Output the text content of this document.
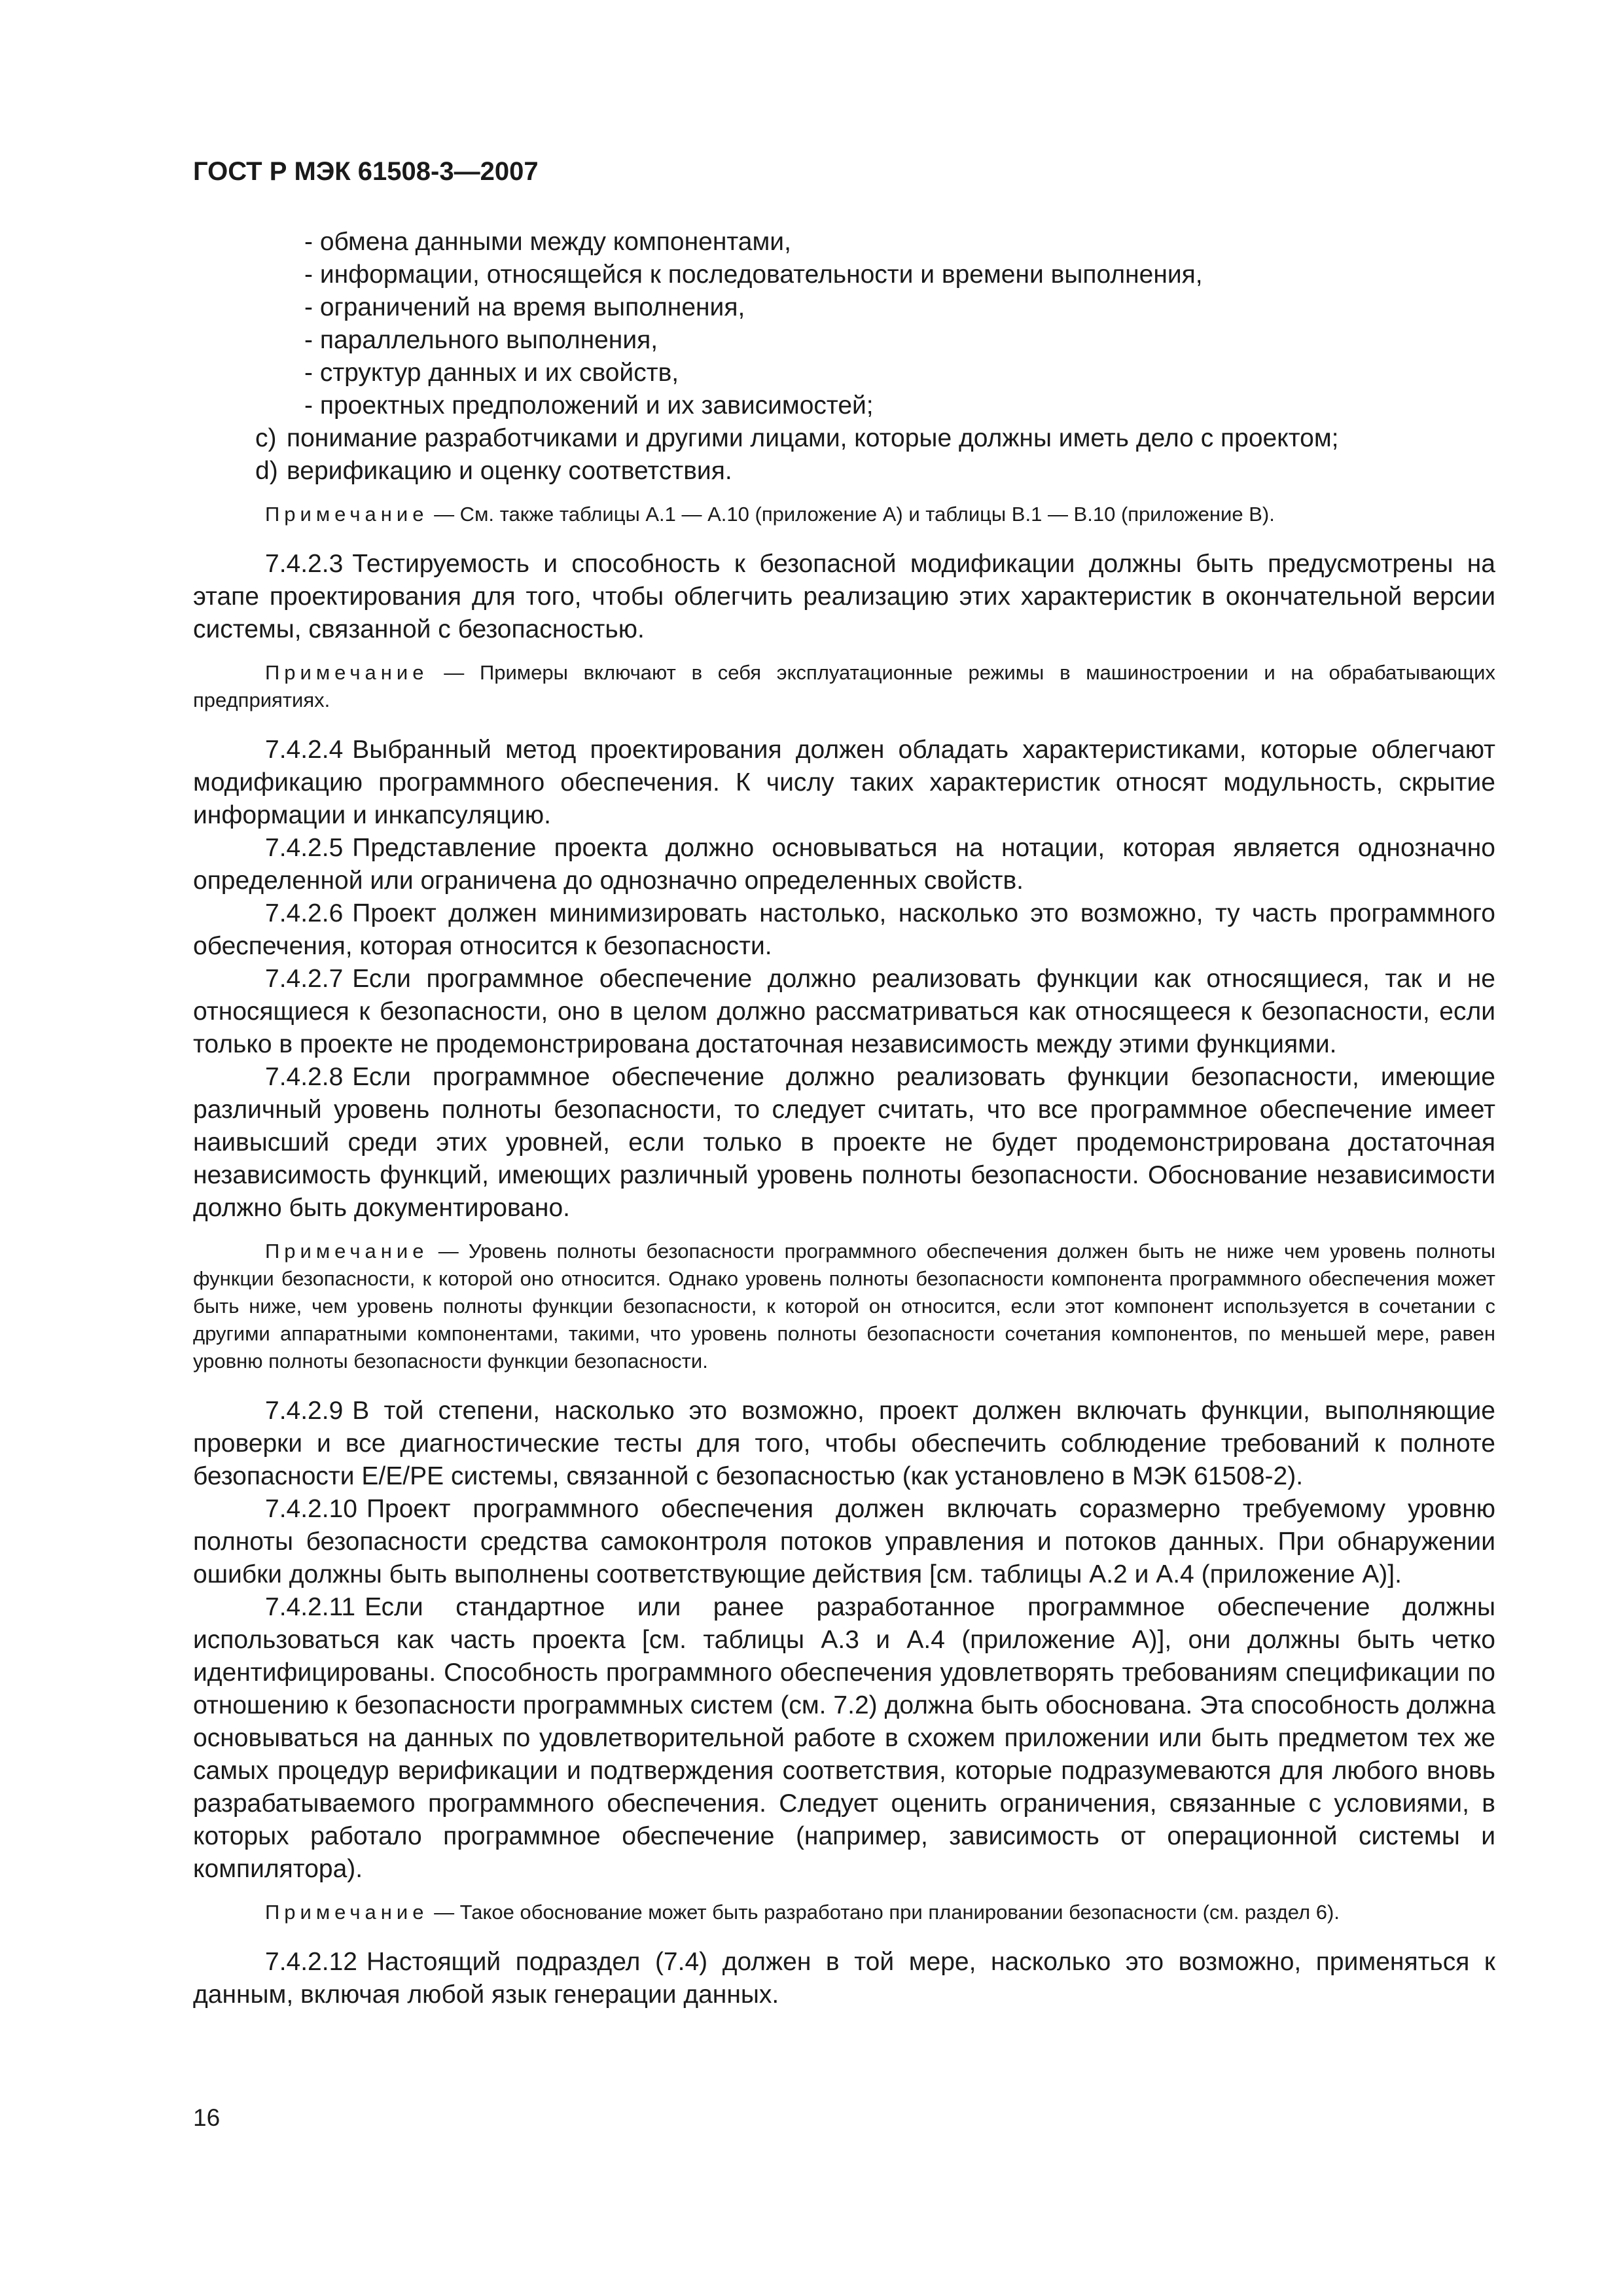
ГОСТ Р МЭК 61508-3—2007
- обмена данными между компонентами,
- информации, относящейся к последовательности и времени выполнения,
- ограничений на время выполнения,
- параллельного выполнения,
- структур данных и их свойств,
- проектных предположений и их зависимостей;
c) понимание разработчиками и другими лицами, которые должны иметь дело с проектом;
d) верификацию и оценку соответствия.

Примечание — См. также таблицы А.1 — А.10 (приложение А) и таблицы В.1 — В.10 (приложение В).

7.4.2.3 Тестируемость и способность к безопасной модификации должны быть предусмотрены на этапе проектирования для того, чтобы облегчить реализацию этих характеристик в окончательной версии системы, связанной с безопасностью.

Примечание — Примеры включают в себя эксплуатационные режимы в машиностроении и на обрабатывающих предприятиях.

7.4.2.4 Выбранный метод проектирования должен обладать характеристиками, которые облегчают модификацию программного обеспечения. К числу таких характеристик относят модульность, скрытие информации и инкапсуляцию.

7.4.2.5 Представление проекта должно основываться на нотации, которая является однозначно определенной или ограничена до однозначно определенных свойств.

7.4.2.6 Проект должен минимизировать настолько, насколько это возможно, ту часть программного обеспечения, которая относится к безопасности.

7.4.2.7 Если программное обеспечение должно реализовать функции как относящиеся, так и не относящиеся к безопасности, оно в целом должно рассматриваться как относящееся к безопасности, если только в проекте не продемонстрирована достаточная независимость между этими функциями.

7.4.2.8 Если программное обеспечение должно реализовать функции безопасности, имеющие различный уровень полноты безопасности, то следует считать, что все программное обеспечение имеет наивысший среди этих уровней, если только в проекте не будет продемонстрирована достаточная независимость функций, имеющих различный уровень полноты безопасности. Обоснование независимости должно быть документировано.

Примечание — Уровень полноты безопасности программного обеспечения должен быть не ниже чем уровень полноты функции безопасности, к которой оно относится. Однако уровень полноты безопасности компонента программного обеспечения может быть ниже, чем уровень полноты функции безопасности, к которой он относится, если этот компонент используется в сочетании с другими аппаратными компонентами, такими, что уровень полноты безопасности сочетания компонентов, по меньшей мере, равен уровню полноты безопасности функции безопасности.

7.4.2.9 В той степени, насколько это возможно, проект должен включать функции, выполняющие проверки и все диагностические тесты для того, чтобы обеспечить соблюдение требований к полноте безопасности Е/Е/РЕ системы, связанной с безопасностью (как установлено в МЭК 61508-2).

7.4.2.10 Проект программного обеспечения должен включать соразмерно требуемому уровню полноты безопасности средства самоконтроля потоков управления и потоков данных. При обнаружении ошибки должны быть выполнены соответствующие действия [см. таблицы А.2 и А.4 (приложение А)].

7.4.2.11 Если стандартное или ранее разработанное программное обеспечение должны использоваться как часть проекта [см. таблицы А.3 и А.4 (приложение А)], они должны быть четко идентифицированы. Способность программного обеспечения удовлетворять требованиям спецификации по отношению к безопасности программных систем (см. 7.2) должна быть обоснована. Эта способность должна основываться на данных по удовлетворительной работе в схожем приложении или быть предметом тех же самых процедур верификации и подтверждения соответствия, которые подразумеваются для любого вновь разрабатываемого программного обеспечения. Следует оценить ограничения, связанные с условиями, в которых работало программное обеспечение (например, зависимость от операционной системы и компилятора).

Примечание — Такое обоснование может быть разработано при планировании безопасности (см. раздел 6).

7.4.2.12 Настоящий подраздел (7.4) должен в той мере, насколько это возможно, применяться к данным, включая любой язык генерации данных.

16
